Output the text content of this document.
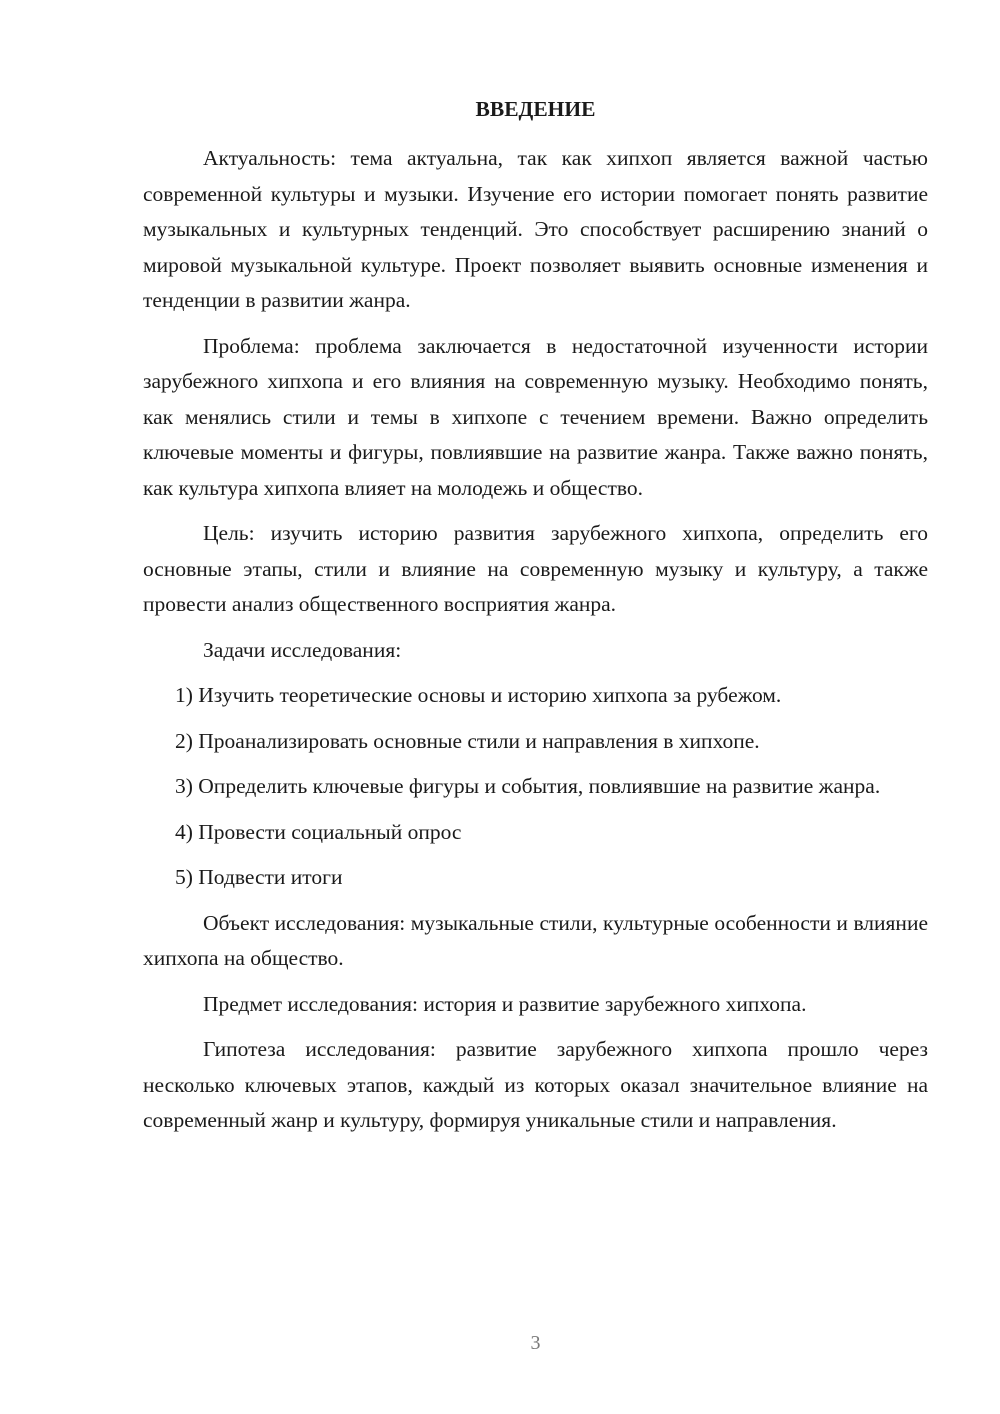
ВВЕДЕНИЕ

Актуальность: тема актуальна, так как хипхоп является важной частью современной культуры и музыки. Изучение его истории помогает понять развитие музыкальных и культурных тенденций. Это способствует расширению знаний о мировой музыкальной культуре. Проект позволяет выявить основные изменения и тенденции в развитии жанра.

Проблема: проблема заключается в недостаточной изученности истории зарубежного хипхопа и его влияния на современную музыку. Необходимо понять, как менялись стили и темы в хипхопе с течением времени. Важно определить ключевые моменты и фигуры, повлиявшие на развитие жанра. Также важно понять, как культура хипхопа влияет на молодежь и общество.

Цель: изучить историю развития зарубежного хипхопа, определить его основные этапы, стили и влияние на современную музыку и культуру, а также провести анализ общественного восприятия жанра.

Задачи исследования:

1) Изучить теоретические основы и историю хипхопа за рубежом.

2) Проанализировать основные стили и направления в хипхопе.

3) Определить ключевые фигуры и события, повлиявшие на развитие жанра.

4) Провести социальный опрос

5) Подвести итоги

Объект исследования: музыкальные стили, культурные особенности и влияние хипхопа на общество.

Предмет исследования: история и развитие зарубежного хипхопа.

Гипотеза исследования: развитие зарубежного хипхопа прошло через несколько ключевых этапов, каждый из которых оказал значительное влияние на современный жанр и культуру, формируя уникальные стили и направления.

3
